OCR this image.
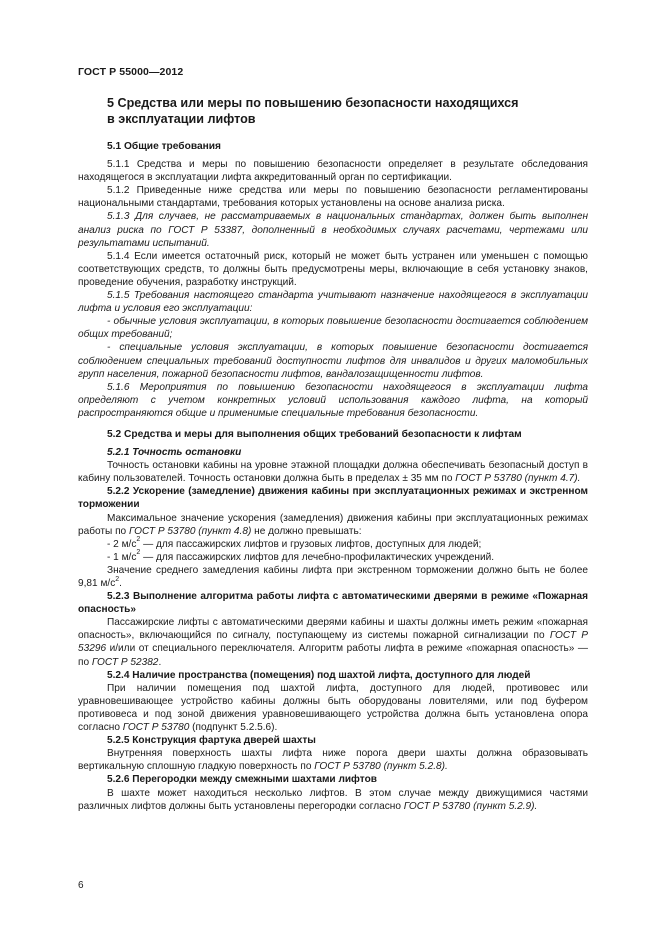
ГОСТ Р 55000—2012
5 Средства или меры по повышению безопасности находящихся
в эксплуатации лифтов
5.1 Общие требования

5.1.1 Средства и меры по повышению безопасности определяет в результате обследования находящегося в эксплуатации лифта аккредитованный орган по сертификации.

5.1.2 Приведенные ниже средства или меры по повышению безопасности регламентированы национальными стандартами, требования которых установлены на основе анализа риска.

5.1.3 Для случаев, не рассматриваемых в национальных стандартах, должен быть выполнен анализ риска по ГОСТ Р 53387, дополненный в необходимых случаях расчетами, чертежами или результатами испытаний.

5.1.4 Если имеется остаточный риск, который не может быть устранен или уменьшен с помощью соответствующих средств, то должны быть предусмотрены меры, включающие в себя установку знаков, проведение обучения, разработку инструкций.

5.1.5 Требования настоящего стандарта учитывают назначение находящегося в эксплуатации лифта и условия его эксплуатации:

- обычные условия эксплуатации, в которых повышение безопасности достигается соблюдением общих требований;

- специальные условия эксплуатации, в которых повышение безопасности достигается соблюдением специальных требований доступности лифтов для инвалидов и других маломобильных групп населения, пожарной безопасности лифтов, вандалозащищенности лифтов.

5.1.6 Мероприятия по повышению безопасности находящегося в эксплуатации лифта определяют с учетом конкретных условий использования каждого лифта, на который распространяются общие и применимые специальные требования безопасности.

5.2 Средства и меры для выполнения общих требований безопасности к лифтам
5.2.1 Точность остановки

Точность остановки кабины на уровне этажной площадки должна обеспечивать безопасный доступ в кабину пользователей. Точность остановки должна быть в пределах ± 35 мм по ГОСТ Р 53780 (пункт 4.7).

5.2.2 Ускорение (замедление) движения кабины при эксплуатационных режимах и экстренном торможении

Максимальное значение ускорения (замедления) движения кабины при эксплуатационных режимах работы по ГОСТ Р 53780 (пункт 4.8) не должно превышать:

- 2 $м/с^2$ — для пассажирских лифтов и грузовых лифтов, доступных для людей;

- 1 $м/с^2$ — для пассажирских лифтов для лечебно-профилактических учреждений.

Значение среднего замедления кабины лифта при экстренном торможении должно быть не более 9,81 $м/с^2$.

5.2.3 Выполнение алгоритма работы лифта с автоматическими дверями в режиме «Пожарная опасность»

Пассажирские лифты с автоматическими дверями кабины и шахты должны иметь режим «пожарная опасность», включающийся по сигналу, поступающему из системы пожарной сигнализации по ГОСТ Р 53296 и/или от специального переключателя. Алгоритм работы лифта в режиме «пожарная опасность» — по ГОСТ Р 52382.

5.2.4 Наличие пространства (помещения) под шахтой лифта, доступного для людей

При наличии помещения под шахтой лифта, доступного для людей, противовес или уравновешивающее устройство кабины должны быть оборудованы ловителями, или под буфером противовеса и под зоной движения уравновешивающего устройства должна быть установлена опора согласно ГОСТ Р 53780 (подпункт 5.2.5.6).

5.2.5 Конструкция фартука дверей шахты

Внутренняя поверхность шахты лифта ниже порога двери шахты должна образовывать вертикальную сплошную гладкую поверхность по ГОСТ Р 53780 (пункт 5.2.8).

5.2.6 Перегородки между смежными шахтами лифтов

В шахте может находиться несколько лифтов. В этом случае между движущимися частями различных лифтов должны быть установлены перегородки согласно ГОСТ Р 53780 (пункт 5.2.9).

6
